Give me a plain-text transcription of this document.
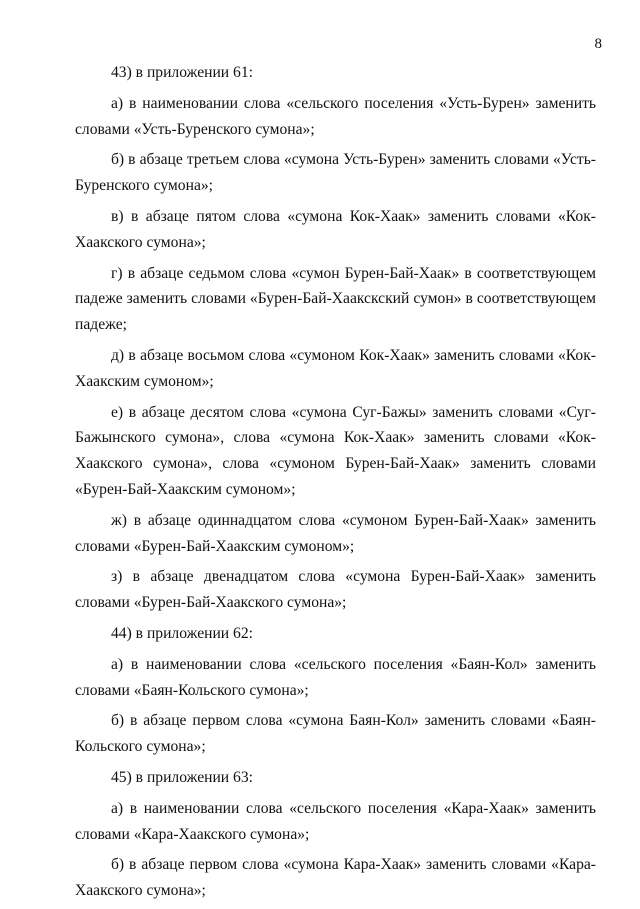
8

43) в приложении 61:

а) в наименовании слова «сельского поселения «Усть-Бурен» заменить словами «Усть-Буренского сумона»;

б) в абзаце третьем слова «сумона Усть-Бурен» заменить словами «Усть-Буренского сумона»;

в) в абзаце пятом слова «сумона Кок-Хаак» заменить словами «Кок-Хаакского сумона»;

г) в абзаце седьмом слова «сумон Бурен-Бай-Хаак» в соответствующем падеже заменить словами «Бурен-Бай-Хаакскский сумон» в соответствующем падеже;

д) в абзаце восьмом слова «сумоном Кок-Хаак» заменить словами «Кок-Хаакским сумоном»;

е) в абзаце десятом слова «сумона Суг-Бажы» заменить словами «Суг-Бажынского сумона», слова «сумона Кок-Хаак» заменить словами «Кок-Хаакского сумона», слова «сумоном Бурен-Бай-Хаак» заменить словами «Бурен-Бай-Хаакским сумоном»;

ж) в абзаце одиннадцатом слова «сумоном Бурен-Бай-Хаак» заменить словами «Бурен-Бай-Хаакским сумоном»;

з) в абзаце двенадцатом слова «сумона Бурен-Бай-Хаак» заменить словами «Бурен-Бай-Хаакского сумона»;

44) в приложении 62:

а) в наименовании слова «сельского поселения «Баян-Кол» заменить словами «Баян-Кольского сумона»;

б) в абзаце первом слова «сумона Баян-Кол» заменить словами «Баян-Кольского сумона»;

45) в приложении 63:

а) в наименовании слова «сельского поселения «Кара-Хаак» заменить словами «Кара-Хаакского сумона»;

б) в абзаце первом слова «сумона Кара-Хаак» заменить словами «Кара-Хаакского сумона»;
